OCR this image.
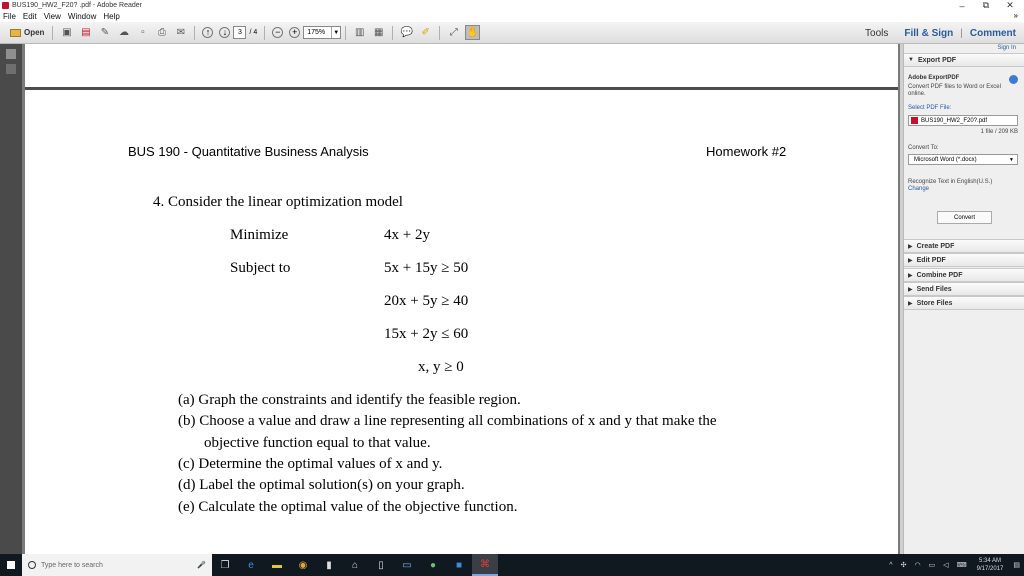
BUS190_HW2_F20? .pdf - Adobe Reader	–	⧉	✕
File Edit View Window Help	»
Open ▣ ▤	✎ ☁	▫	⎙	✉	↑	↓	3	/ 4	−	+	175%	▼ ▥ ▦ 💬 ✐	⤢ ✋	Tools Fill & Sign | Comment
BUS 190 - Quantitative Business Analysis	Homework #2
4. Consider the linear optimization model
Minimize	4x + 2y
Subject to	5x + 15y ≥ 50
20x + 5y ≥ 40
15x + 2y ≤ 60
x, y ≥ 0
(a) Graph the constraints and identify the feasible region.
(b) Choose a value and draw a line representing all combinations of x and y that make the
objective function equal to that value.
(c) Determine the optimal values of x and y.
(d) Label the optimal solution(s) on your graph.
(e) Calculate the optimal value of the objective function.
Sign In
▼ Export PDF
Adobe ExportPDF
Convert PDF files to Word or Excel online.
Select PDF File:
BUS190_HW2_F20?.pdf
1 file / 209 KB
Convert To:
Microsoft Word (*.docx)	▼
Recognize Text in English(U.S.)
Change
Convert
▶ Create PDF
▶ Edit PDF
▶ Combine PDF
▶ Send Files
▶ Store Files
Type here to search	🎤	❐	e	▬	◉	▮	⌂	▯	▭	●	■	⌘	^ ✣ ◠ ▭ ◁ ⌨
5:34 AM
9/17/2017 ▤
